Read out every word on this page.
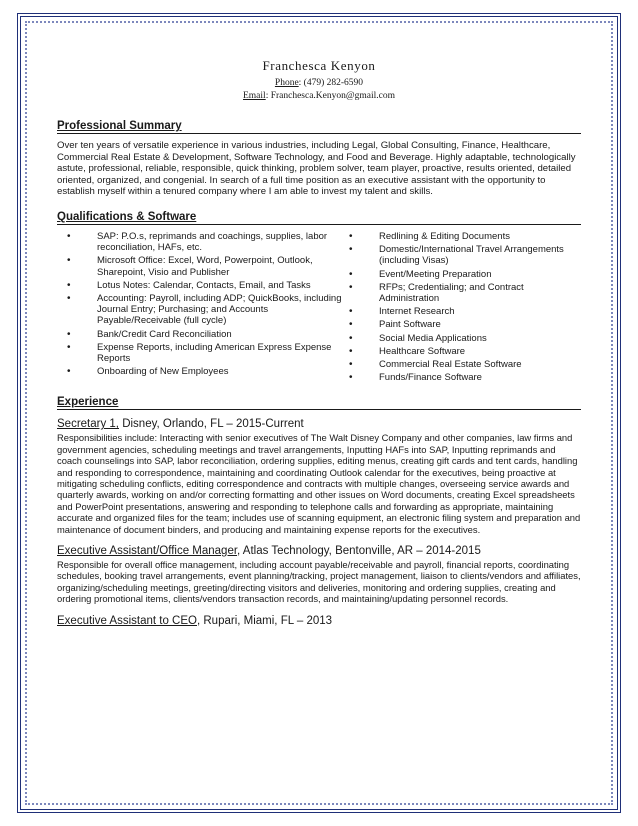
Franchesca Kenyon
Phone: (479) 282-6590
Email: Franchesca.Kenyon@gmail.com
Professional Summary
Over ten years of versatile experience in various industries, including Legal, Global Consulting, Finance, Healthcare, Commercial Real Estate & Development, Software Technology, and Food and Beverage. Highly adaptable, technologically astute, professional, reliable, responsible, quick thinking, problem solver, team player, proactive, results oriented, detailed oriented, organized, and congenial. In search of a full time position as an executive assistant with the opportunity to establish myself within a tenured company where I am able to invest my talent and skills.
Qualifications & Software
• SAP: P.O.s, reprimands and coachings, supplies, labor reconciliation, HAFs, etc.
• Microsoft Office: Excel, Word, Powerpoint, Outlook, Sharepoint, Visio and Publisher
• Lotus Notes: Calendar, Contacts, Email, and Tasks
• Accounting: Payroll, including ADP; QuickBooks, including Journal Entry; Purchasing; and Accounts Payable/Receivable (full cycle)
• Bank/Credit Card Reconciliation
• Expense Reports, including American Express Expense Reports
• Onboarding of New Employees
• Redlining & Editing Documents
• Domestic/International Travel Arrangements (including Visas)
• Event/Meeting Preparation
• RFPs; Credentialing; and Contract Administration
• Internet Research
• Paint Software
• Social Media Applications
• Healthcare Software
• Commercial Real Estate Software
• Funds/Finance Software
Experience
Secretary 1, Disney, Orlando, FL – 2015-Current
Responsibilities include: Interacting with senior executives of The Walt Disney Company and other companies, law firms and government agencies, scheduling meetings and travel arrangements, Inputting HAFs into SAP, Inputting reprimands and coach counselings into SAP, labor reconciliation, ordering supplies, editing menus, creating gift cards and tent cards, handling and responding to correspondence, maintaining and coordinating Outlook calendar for the executives, being proactive at mitigating scheduling conflicts, editing correspondence and contracts with multiple changes, overseeing service awards and quarterly awards, working on and/or correcting formatting and other issues on Word documents, creating Excel spreadsheets and PowerPoint presentations, answering and responding to telephone calls and forwarding as appropriate, maintaining accurate and organized files for the team; includes use of scanning equipment, an electronic filing system and preparation and maintenance of document binders, and producing and maintaining expense reports for the executives.
Executive Assistant/Office Manager, Atlas Technology, Bentonville, AR – 2014-2015
Responsible for overall office management, including account payable/receivable and payroll, financial reports, coordinating schedules, booking travel arrangements, event planning/tracking, project management, liaison to clients/vendors and affiliates, organizing/scheduling meetings, greeting/directing visitors and deliveries, monitoring and ordering supplies, creating and ordering promotional items, clients/vendors transaction records, and maintaining/updating personnel records.
Executive Assistant to CEO, Rupari, Miami, FL – 2013
